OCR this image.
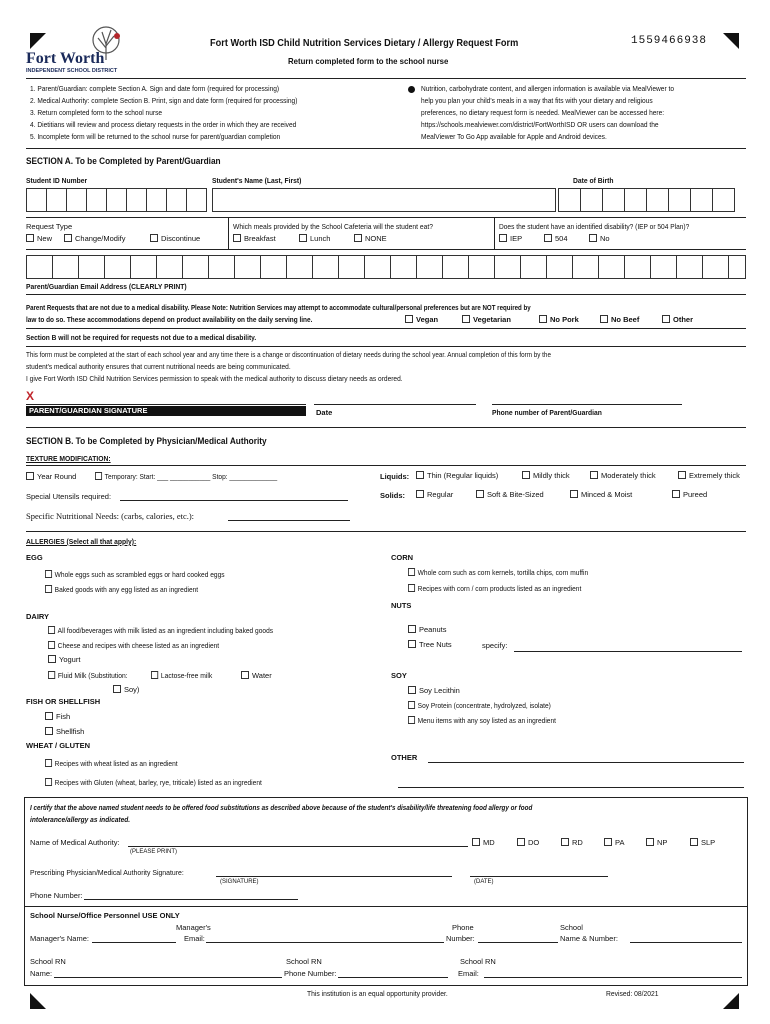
Fort Worth
INDEPENDENT SCHOOL DISTRICT
Fort Worth ISD Child Nutrition Services Dietary / Allergy Request Form
Return completed form to the school nurse
1559466938
1. Parent/Guardian: complete Section A. Sign and date form (required for processing)
2. Medical Authority: complete Section B. Print, sign and date form (required for processing)
3. Return completed form to the school nurse
4. Dietitians will review and process dietary requests in the order in which they are received
5. Incomplete form will be returned to the school nurse for parent/guardian completion
Nutrition, carbohydrate content, and allergen information is available via MealViewer to
help you plan your child's meals in a way that fits with your dietary and religious
preferences, no dietary request form is needed. MealViewer can be accessed here:
https://schools.mealviewer.com/district/FortWorthISD OR users can download the
MealViewer To Go App available for Apple and Android devices.
SECTION A. To be Completed by Parent/Guardian
Student ID Number	Student's Name (Last, First)	Date of Birth
Request Type
New	Change/Modify	Discontinue
Which meals provided by the School Cafeteria will the student eat?
Breakfast	Lunch	NONE
Does the student have an identified disability? (IEP or 504 Plan)?
IEP	504	No
Parent/Guardian Email Address (CLEARLY PRINT)
Parent Requests that are not due to a medical disability. Please Note: Nutrition Services may attempt to accommodate cultural/personal preferences but are NOT required by
law to do so. These accommodations depend on product availability on the daily serving line.	Vegan	Vegetarian	No Pork	No Beef	Other
Section B will not be required for requests not due to a medical disability.
This form must be completed at the start of each school year and any time there is a change or discontinuation of dietary needs during the school year. Annual completion of this form by the
student's medical authority ensures that current nutritional needs are being communicated.
I give Fort Worth ISD Child Nutrition Services permission to speak with the medical authority to discuss dietary needs as ordered.
X
PARENT/GUARDIAN SIGNATURE	Date	Phone number of Parent/Guardian
SECTION B. To be Completed by Physician/Medical Authority
TEXTURE MODIFICATION:
Year Round	Temporary: Start: ___ ___________ Stop: _____________	Liquids:	Thin (Regular liquids)	Mildly thick	Moderately thick	Extremely thick
Special Utensils required:	Solids:	Regular	Soft & Bite-Sized	Minced & Moist	Pureed
Specific Nutritional Needs: (carbs, calories, etc.):
ALLERGIES (Select all that apply):
EGG
Whole eggs such as scrambled eggs or hard cooked eggs
Baked goods with any egg listed as an ingredient
DAIRY
All food/beverages with milk listed as an ingredient including baked goods
Cheese and recipes with cheese listed as an ingredient
Yogurt
Fluid Milk (Substitution:	Lactose-free milk	Water
Soy)
FISH OR SHELLFISH
Fish
Shellfish
WHEAT / GLUTEN
Recipes with wheat listed as an ingredient
Recipes with Gluten (wheat, barley, rye, triticale) listed as an ingredient
CORN
Whole corn such as corn kernels, tortilla chips, corn muffin
Recipes with corn / corn products listed as an ingredient
NUTS
Peanuts
Tree Nuts	specify:
SOY
Soy Lecithin
Soy Protein (concentrate, hydrolyzed, isolate)
Menu items with any soy listed as an ingredient
OTHER
I certify that the above named student needs to be offered food substitutions as described above because of the student's disability/life threatening food allergy or food
intolerance/allergy as indicated.
Name of Medical Authority:
(PLEASE PRINT)
MD	DO	RD	PA	NP	SLP
Prescribing Physician/Medical Authority Signature:
(SIGNATURE)	(DATE)
Phone Number:
School Nurse/Office Personnel USE ONLY
Manager's Name:
Manager's
Email:
Phone
Number:
School
Name & Number:
School RN
Name:
School RN
Phone Number:
School RN
Email:
This institution is an equal opportunity provider.	Revised: 08/2021
